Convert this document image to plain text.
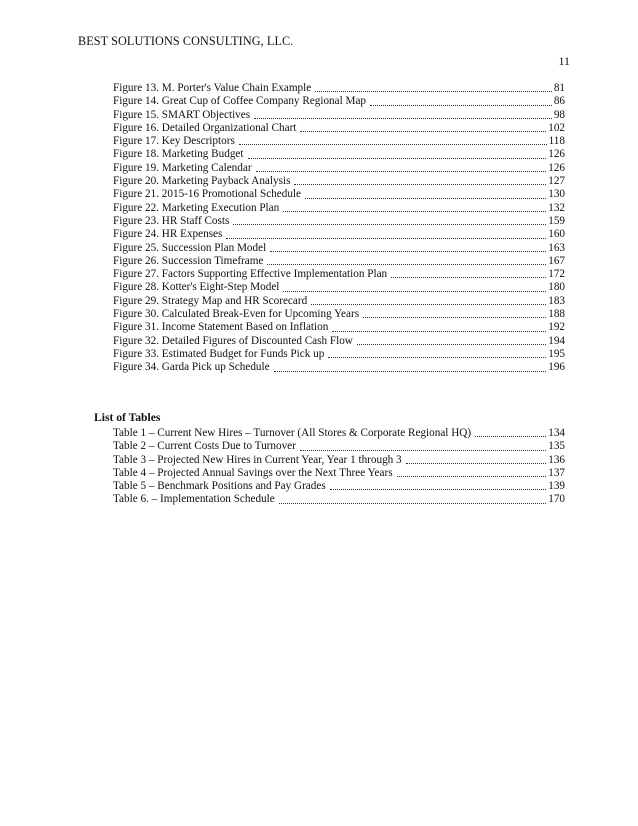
BEST SOLUTIONS CONSULTING, LLC.
11
Figure 13. M. Porter's Value Chain Example	81
Figure 14. Great Cup of Coffee Company Regional Map	86
Figure 15. SMART Objectives	98
Figure 16. Detailed Organizational Chart	102
Figure 17. Key Descriptors	118
Figure 18. Marketing Budget	126
Figure 19. Marketing Calendar	126
Figure 20. Marketing Payback Analysis	127
Figure 21. 2015-16 Promotional Schedule	130
Figure 22. Marketing Execution Plan	132
Figure 23. HR Staff Costs	159
Figure 24. HR Expenses	160
Figure 25. Succession Plan Model	163
Figure 26. Succession Timeframe	167
Figure 27. Factors Supporting Effective Implementation Plan	172
Figure 28. Kotter's Eight-Step Model	180
Figure 29. Strategy Map and HR Scorecard	183
Figure 30. Calculated Break-Even for Upcoming Years	188
Figure 31. Income Statement Based on Inflation	192
Figure 32. Detailed Figures of Discounted Cash Flow	194
Figure 33. Estimated Budget for Funds Pick up	195
Figure 34. Garda Pick up Schedule	196
List of Tables
Table 1 – Current New Hires – Turnover (All Stores & Corporate Regional HQ)	134
Table 2 – Current Costs Due to Turnover	135
Table 3 – Projected New Hires in Current Year, Year 1 through 3	136
Table 4 – Projected Annual Savings over the Next Three Years	137
Table 5 – Benchmark Positions and Pay Grades	139
Table 6. – Implementation Schedule	170
